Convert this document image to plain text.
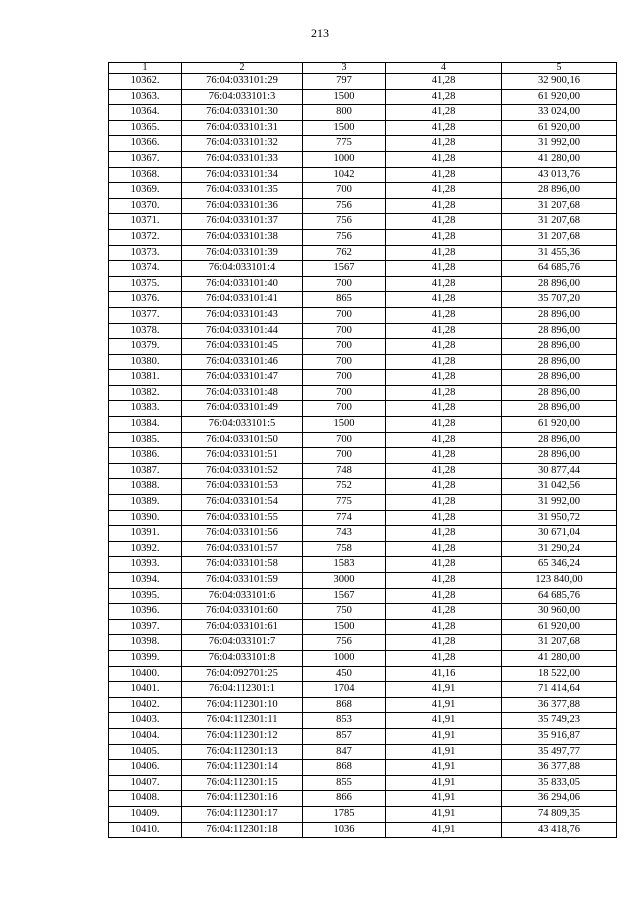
213
1	2	3	4	5
10362.	76:04:033101:29	797	41,28	32 900,16
10363.	76:04:033101:3	1500	41,28	61 920,00
10364.	76:04:033101:30	800	41,28	33 024,00
10365.	76:04:033101:31	1500	41,28	61 920,00
10366.	76:04:033101:32	775	41,28	31 992,00
10367.	76:04:033101:33	1000	41,28	41 280,00
10368.	76:04:033101:34	1042	41,28	43 013,76
10369.	76:04:033101:35	700	41,28	28 896,00
10370.	76:04:033101:36	756	41,28	31 207,68
10371.	76:04:033101:37	756	41,28	31 207,68
10372.	76:04:033101:38	756	41,28	31 207,68
10373.	76:04:033101:39	762	41,28	31 455,36
10374.	76:04:033101:4	1567	41,28	64 685,76
10375.	76:04:033101:40	700	41,28	28 896,00
10376.	76:04:033101:41	865	41,28	35 707,20
10377.	76:04:033101:43	700	41,28	28 896,00
10378.	76:04:033101:44	700	41,28	28 896,00
10379.	76:04:033101:45	700	41,28	28 896,00
10380.	76:04:033101:46	700	41,28	28 896,00
10381.	76:04:033101:47	700	41,28	28 896,00
10382.	76:04:033101:48	700	41,28	28 896,00
10383.	76:04:033101:49	700	41,28	28 896,00
10384.	76:04:033101:5	1500	41,28	61 920,00
10385.	76:04:033101:50	700	41,28	28 896,00
10386.	76:04:033101:51	700	41,28	28 896,00
10387.	76:04:033101:52	748	41,28	30 877,44
10388.	76:04:033101:53	752	41,28	31 042,56
10389.	76:04:033101:54	775	41,28	31 992,00
10390.	76:04:033101:55	774	41,28	31 950,72
10391.	76:04:033101:56	743	41,28	30 671,04
10392.	76:04:033101:57	758	41,28	31 290,24
10393.	76:04:033101:58	1583	41,28	65 346,24
10394.	76:04:033101:59	3000	41,28	123 840,00
10395.	76:04:033101:6	1567	41,28	64 685,76
10396.	76:04:033101:60	750	41,28	30 960,00
10397.	76:04:033101:61	1500	41,28	61 920,00
10398.	76:04:033101:7	756	41,28	31 207,68
10399.	76:04:033101:8	1000	41,28	41 280,00
10400.	76:04:092701:25	450	41,16	18 522,00
10401.	76:04:112301:1	1704	41,91	71 414,64
10402.	76:04:112301:10	868	41,91	36 377,88
10403.	76:04:112301:11	853	41,91	35 749,23
10404.	76:04:112301:12	857	41,91	35 916,87
10405.	76:04:112301:13	847	41,91	35 497,77
10406.	76:04:112301:14	868	41,91	36 377,88
10407.	76:04:112301:15	855	41,91	35 833,05
10408.	76:04:112301:16	866	41,91	36 294,06
10409.	76:04:112301:17	1785	41,91	74 809,35
10410.	76:04:112301:18	1036	41,91	43 418,76
